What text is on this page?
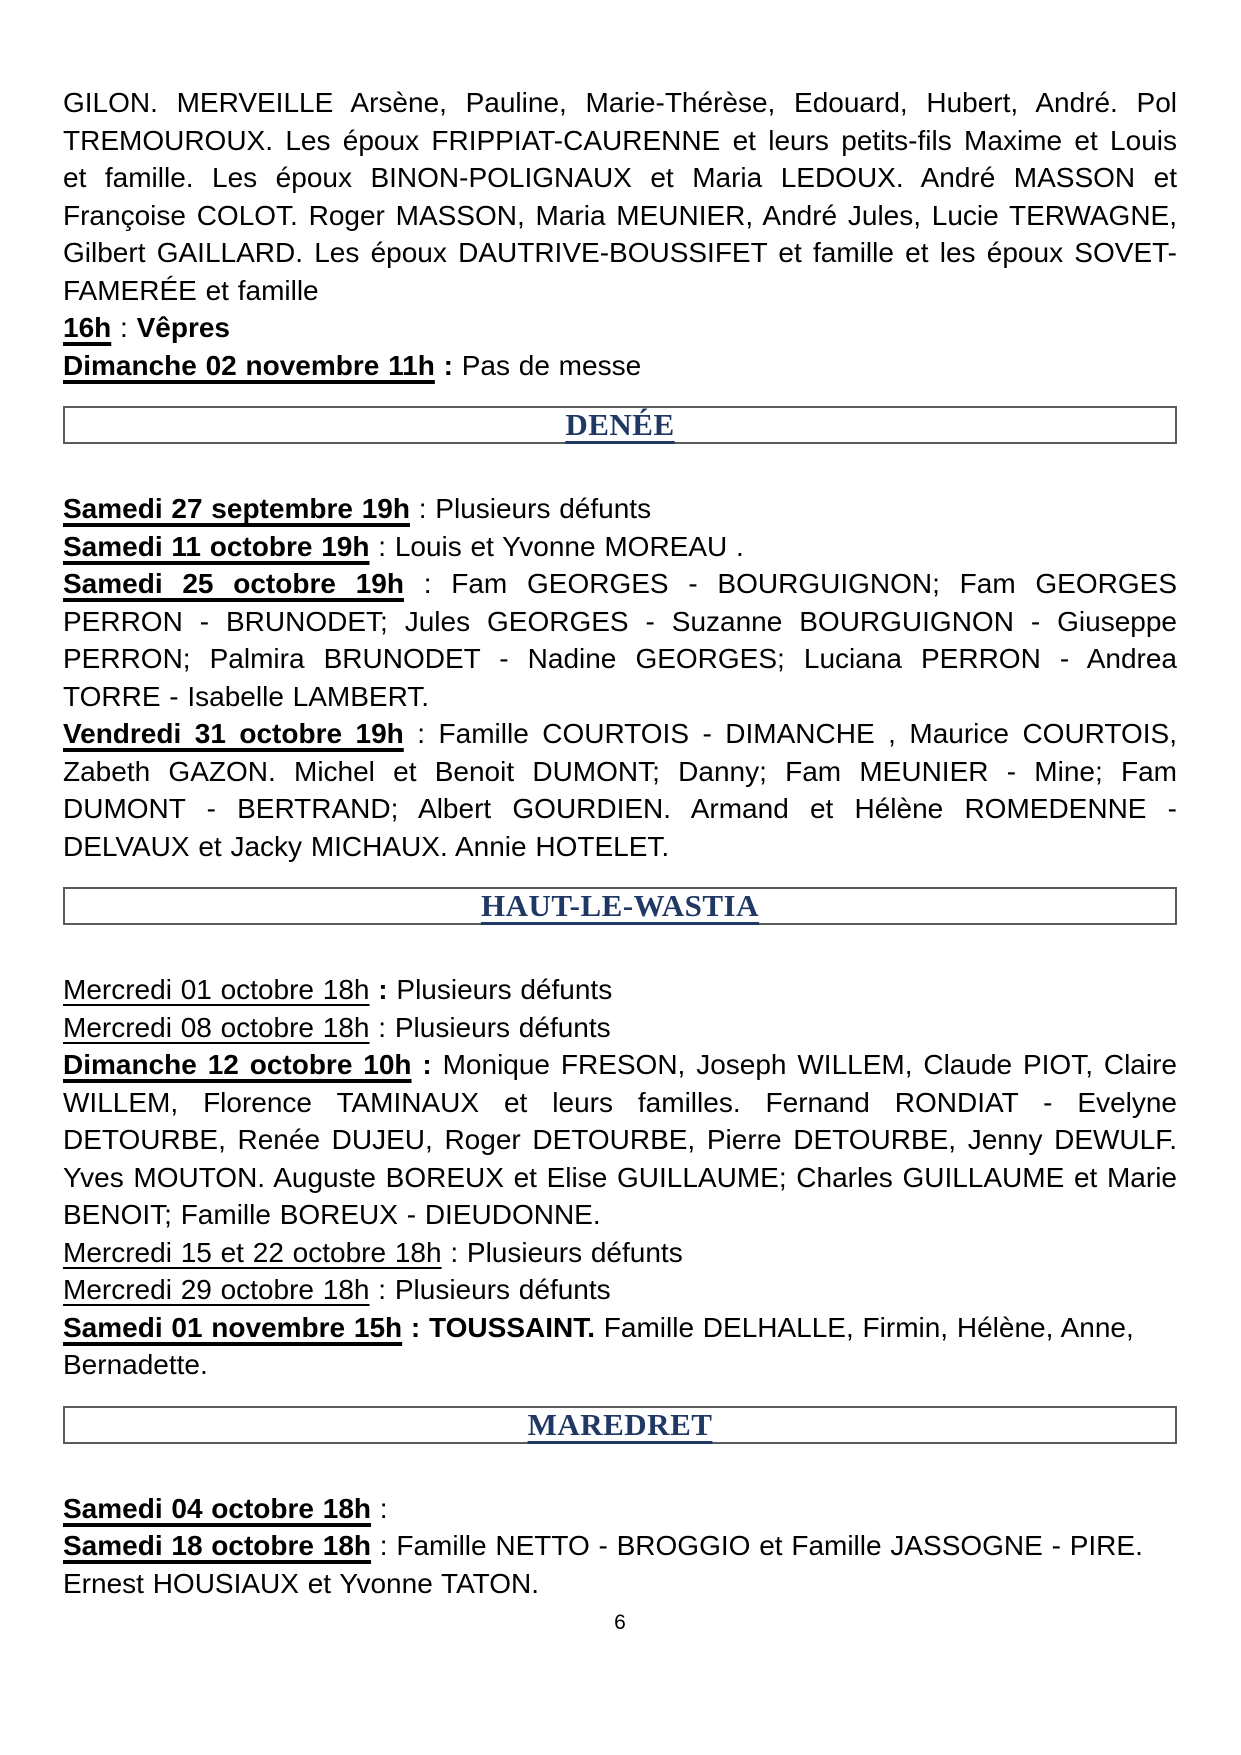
GILON. MERVEILLE Arsène, Pauline, Marie-Thérèse, Edouard, Hubert, André. Pol TREMOUROUX. Les époux FRIPPIAT-CAURENNE et leurs petits-fils Maxime et Louis et famille. Les époux BINON-POLIGNAUX et Maria LEDOUX. André MASSON et Françoise COLOT. Roger MASSON, Maria MEUNIER, André Jules, Lucie TERWAGNE, Gilbert GAILLARD. Les époux DAUTRIVE-BOUSSIFET et famille et les époux SOVET-FAMERÉE et famille

16h : Vêpres

Dimanche 02 novembre 11h : Pas de messe

DENÉE

Samedi 27 septembre 19h : Plusieurs défunts

Samedi 11 octobre 19h : Louis et Yvonne MOREAU .

Samedi 25 octobre 19h : Fam GEORGES - BOURGUIGNON; Fam GEORGES PERRON - BRUNODET; Jules GEORGES - Suzanne BOURGUIGNON - Giuseppe PERRON; Palmira BRUNODET - Nadine GEORGES; Luciana PERRON - Andrea TORRE - Isabelle LAMBERT.

Vendredi 31 octobre 19h : Famille COURTOIS - DIMANCHE , Maurice COURTOIS, Zabeth GAZON. Michel et Benoit DUMONT; Danny; Fam MEUNIER - Mine; Fam DUMONT - BERTRAND; Albert GOURDIEN. Armand et Hélène ROMEDENNE - DELVAUX et Jacky MICHAUX. Annie HOTELET.

HAUT-LE-WASTIA

Mercredi 01 octobre 18h : Plusieurs défunts

Mercredi 08 octobre 18h : Plusieurs défunts

Dimanche 12 octobre 10h : Monique FRESON, Joseph WILLEM, Claude PIOT, Claire WILLEM, Florence TAMINAUX et leurs familles. Fernand RONDIAT - Evelyne DETOURBE, Renée DUJEU, Roger DETOURBE, Pierre DETOURBE, Jenny DEWULF. Yves MOUTON. Auguste BOREUX et Elise GUILLAUME; Charles GUILLAUME et Marie BENOIT; Famille BOREUX - DIEUDONNE.

Mercredi 15 et 22 octobre 18h : Plusieurs défunts

Mercredi 29 octobre 18h : Plusieurs défunts

Samedi 01 novembre 15h : TOUSSAINT. Famille DELHALLE, Firmin, Hélène, Anne, Bernadette.

MAREDRET

Samedi 04 octobre 18h :

Samedi 18 octobre 18h : Famille NETTO - BROGGIO et Famille JASSOGNE - PIRE. Ernest HOUSIAUX et Yvonne TATON.

6
